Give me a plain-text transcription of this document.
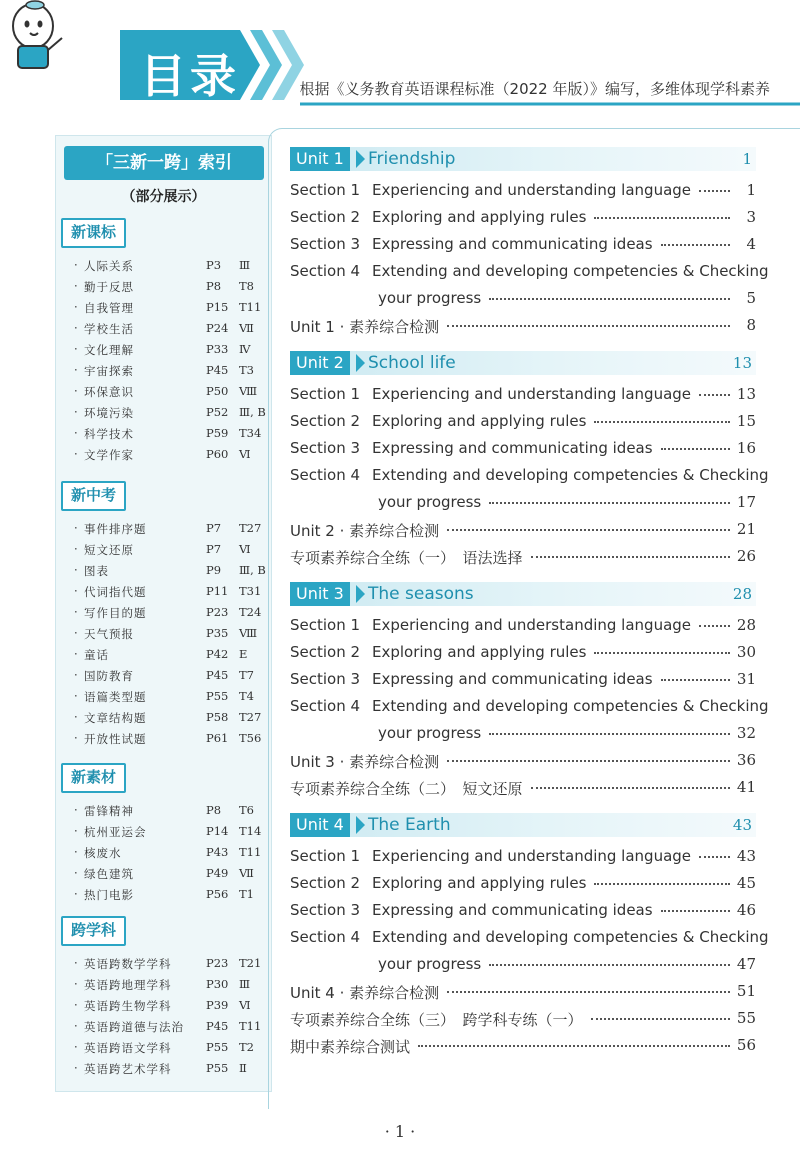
目录	根据《义务教育英语课程标准（2022 年版）》编写，多维体现学科素养
「三新一跨」索引
（部分展示）
新课标
· 人际关系	P3 Ⅲ
· 勤于反思	P8 T8
· 自我管理	P15 T11
· 学校生活	P24 Ⅶ
· 文化理解	P33 Ⅳ
· 宇宙探索	P45 T3
· 环保意识	P50 Ⅷ
· 环境污染	P52 Ⅲ, B
· 科学技术	P59 T34
· 文学作家	P60 Ⅵ
新中考
· 事件排序题	P7 T27
· 短文还原	P7 Ⅵ
· 图表	P9 Ⅲ, B
· 代词指代题	P11 T31
· 写作目的题	P23 T24
· 天气预报	P35 Ⅷ
· 童话	P42 E
· 国防教育	P45 T7
· 语篇类型题	P55 T4
· 文章结构题	P58 T27
· 开放性试题	P61 T56
新素材
· 雷锋精神	P8 T6
· 杭州亚运会	P14 T14
· 核废水	P43 T11
· 绿色建筑	P49 Ⅶ
· 热门电影	P56 T1
跨学科
· 英语跨数学学科	P23 T21
· 英语跨地理学科	P30 Ⅲ
· 英语跨生物学科	P39 Ⅵ
· 英语跨道德与法治 P45 T11
· 英语跨语文学科	P55 T2
· 英语跨艺术学科	P55 Ⅱ
Unit 1	Friendship	1
Section 1 Experiencing and understanding language	1
Section 2 Exploring and applying rules	3
Section 3 Expressing and communicating ideas	4
Section 4 Extending and developing competencies & Checking
your progress	5
Unit 1 · 素养综合检测	8
Unit 2	School life	13
Section 1 Experiencing and understanding language	13
Section 2 Exploring and applying rules	15
Section 3 Expressing and communicating ideas	16
Section 4 Extending and developing competencies & Checking
your progress	17
Unit 2 · 素养综合检测	21
专项素养综合全练（一）　语法选择	26
Unit 3	The seasons	28
Section 1 Experiencing and understanding language	28
Section 2 Exploring and applying rules	30
Section 3 Expressing and communicating ideas	31
Section 4 Extending and developing competencies & Checking
your progress	32
Unit 3 · 素养综合检测	36
专项素养综合全练（二）　短文还原	41
Unit 4	The Earth	43
Section 1 Experiencing and understanding language	43
Section 2 Exploring and applying rules	45
Section 3 Expressing and communicating ideas	46
Section 4 Extending and developing competencies & Checking
your progress	47
Unit 4 · 素养综合检测	51
专项素养综合全练（三）　跨学科专练（一）	55
期中素养综合测试	56
· 1 ·
